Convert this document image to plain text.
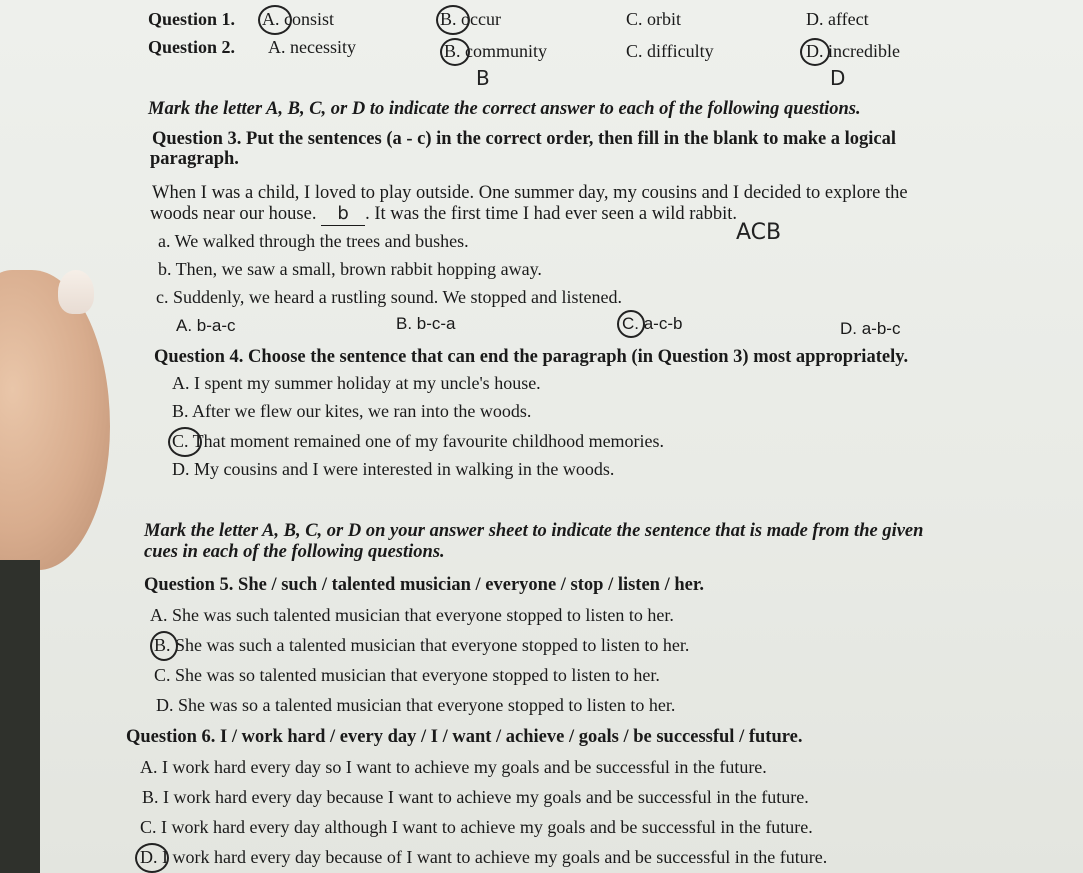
Question 1. A. consist	B. occur	C. orbit	D. affect
Question 2. A. necessity	B. community	C. difficulty	D. incredible
B	D
Mark the letter A, B, C, or D to indicate the correct answer to each of the following questions.
Question 3. Put the sentences (a - c) in the correct order, then fill in the blank to make a logical
paragraph.
When I was a child, I loved to play outside. One summer day, my cousins and I decided to explore the
woods near our house. b . It was the first time I had ever seen a wild rabbit.
a. We walked through the trees and bushes.	ACB
b. Then, we saw a small, brown rabbit hopping away.
c. Suddenly, we heard a rustling sound. We stopped and listened.
A. b-a-c	B. b-c-a	C. a-c-b	D. a-b-c
Question 4. Choose the sentence that can end the paragraph (in Question 3) most appropriately.
A. I spent my summer holiday at my uncle's house.
B. After we flew our kites, we ran into the woods.
C. That moment remained one of my favourite childhood memories.
D. My cousins and I were interested in walking in the woods.
Mark the letter A, B, C, or D on your answer sheet to indicate the sentence that is made from the given
cues in each of the following questions.
Question 5. She / such / talented musician / everyone / stop / listen / her.
A. She was such talented musician that everyone stopped to listen to her.
B. She was such a talented musician that everyone stopped to listen to her.
C. She was so talented musician that everyone stopped to listen to her.
D. She was so a talented musician that everyone stopped to listen to her.
Question 6. I / work hard / every day / I / want / achieve / goals / be successful / future.
A. I work hard every day so I want to achieve my goals and be successful in the future.
B. I work hard every day because I want to achieve my goals and be successful in the future.
C. I work hard every day although I want to achieve my goals and be successful in the future.
D. I work hard every day because of I want to achieve my goals and be successful in the future.
